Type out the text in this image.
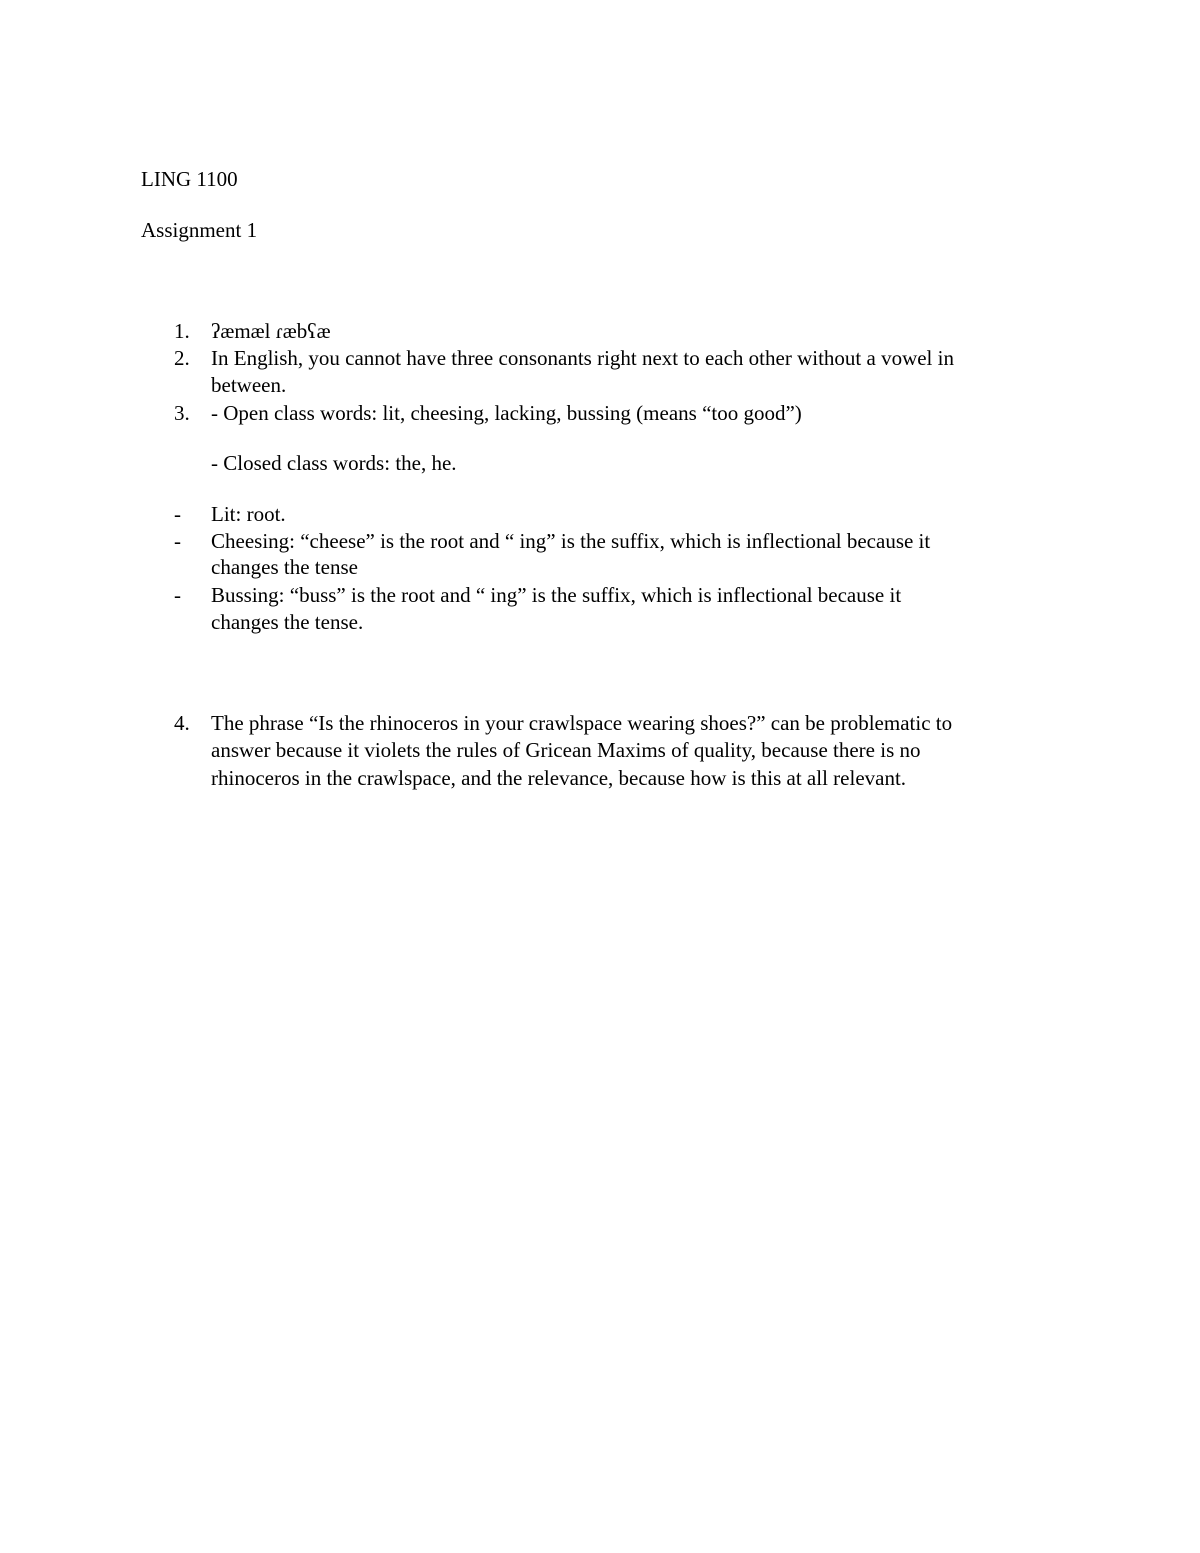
LING 1100
Assignment 1
1.	ʔæmæl ɾæbʕæ
2.	In English, you cannot have three consonants right next to each other without a vowel in
between.
3.	- Open class words: lit, cheesing, lacking, bussing (means “too good”)
- Closed class words: the, he.
-	Lit: root.
-	Cheesing: “cheese” is the root and “ ing” is the suffix, which is inflectional because it
changes the tense
-	Bussing: “buss” is the root and “ ing” is the suffix, which is inflectional because it
changes the tense.
4.	The phrase “Is the rhinoceros in your crawlspace wearing shoes?” can be problematic to
answer because it violets the rules of Gricean Maxims of quality, because there is no
rhinoceros in the crawlspace, and the relevance, because how is this at all relevant.
